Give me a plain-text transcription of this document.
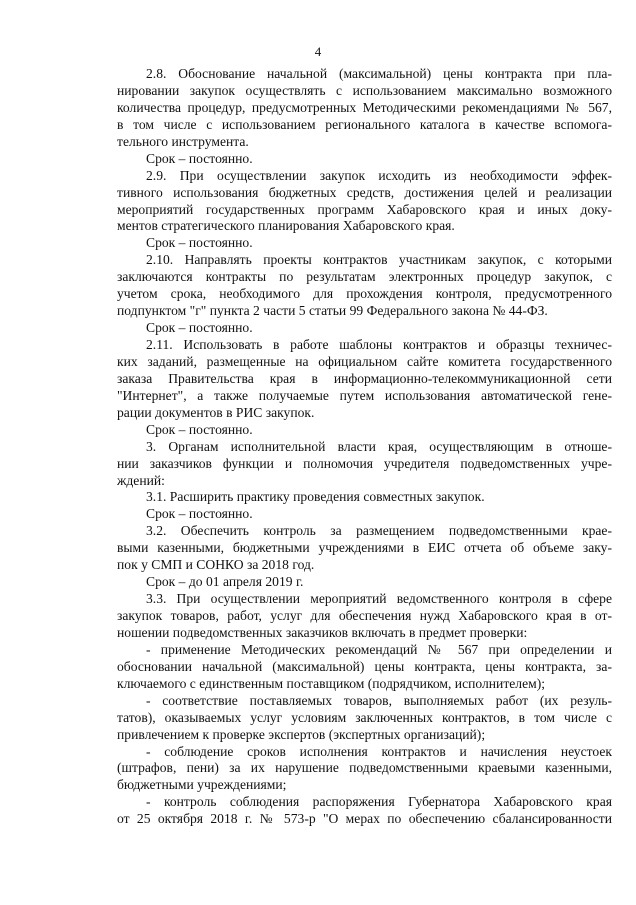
4
2.8. Обоснование начальной (максимальной) цены контракта при пла-
нировании закупок осуществлять с использованием максимально возможного
количества процедур, предусмотренных Методическими рекомендациями № 567,
в том числе с использованием регионального каталога в качестве вспомога-
тельного инструмента.
Срок – постоянно.
2.9. При осуществлении закупок исходить из необходимости эффек-
тивного использования бюджетных средств, достижения целей и реализации
мероприятий государственных программ Хабаровского края и иных доку-
ментов стратегического планирования Хабаровского края.
Срок – постоянно.
2.10. Направлять проекты контрактов участникам закупок, с которыми
заключаются контракты по результатам электронных процедур закупок, с
учетом срока, необходимого для прохождения контроля, предусмотренного
подпунктом "г" пункта 2 части 5 статьи 99 Федерального закона № 44-ФЗ.
Срок – постоянно.
2.11. Использовать в работе шаблоны контрактов и образцы техничес-
ких заданий, размещенные на официальном сайте комитета государственного
заказа Правительства края в информационно-телекоммуникационной сети
"Интернет", а также получаемые путем использования автоматической гене-
рации документов в РИС закупок.
Срок – постоянно.
3. Органам исполнительной власти края, осуществляющим в отноше-
нии заказчиков функции и полномочия учредителя подведомственных учре-
ждений:
3.1. Расширить практику проведения совместных закупок.
Срок – постоянно.
3.2. Обеспечить контроль за размещением подведомственными крае-
выми казенными, бюджетными учреждениями в ЕИС отчета об объеме заку-
пок у СМП и СОНКО за 2018 год.
Срок – до 01 апреля 2019 г.
3.3. При осуществлении мероприятий ведомственного контроля в сфере
закупок товаров, работ, услуг для обеспечения нужд Хабаровского края в от-
ношении подведомственных заказчиков включать в предмет проверки:
- применение Методических рекомендаций № 567 при определении и
обосновании начальной (максимальной) цены контракта, цены контракта, за-
ключаемого с единственным поставщиком (подрядчиком, исполнителем);
- соответствие поставляемых товаров, выполняемых работ (их резуль-
татов), оказываемых услуг условиям заключенных контрактов, в том числе с
привлечением к проверке экспертов (экспертных организаций);
- соблюдение сроков исполнения контрактов и начисления неустоек
(штрафов, пени) за их нарушение подведомственными краевыми казенными,
бюджетными учреждениями;
- контроль соблюдения распоряжения Губернатора Хабаровского края
от 25 октября 2018 г. № 573-р "О мерах по обеспечению сбалансированности
